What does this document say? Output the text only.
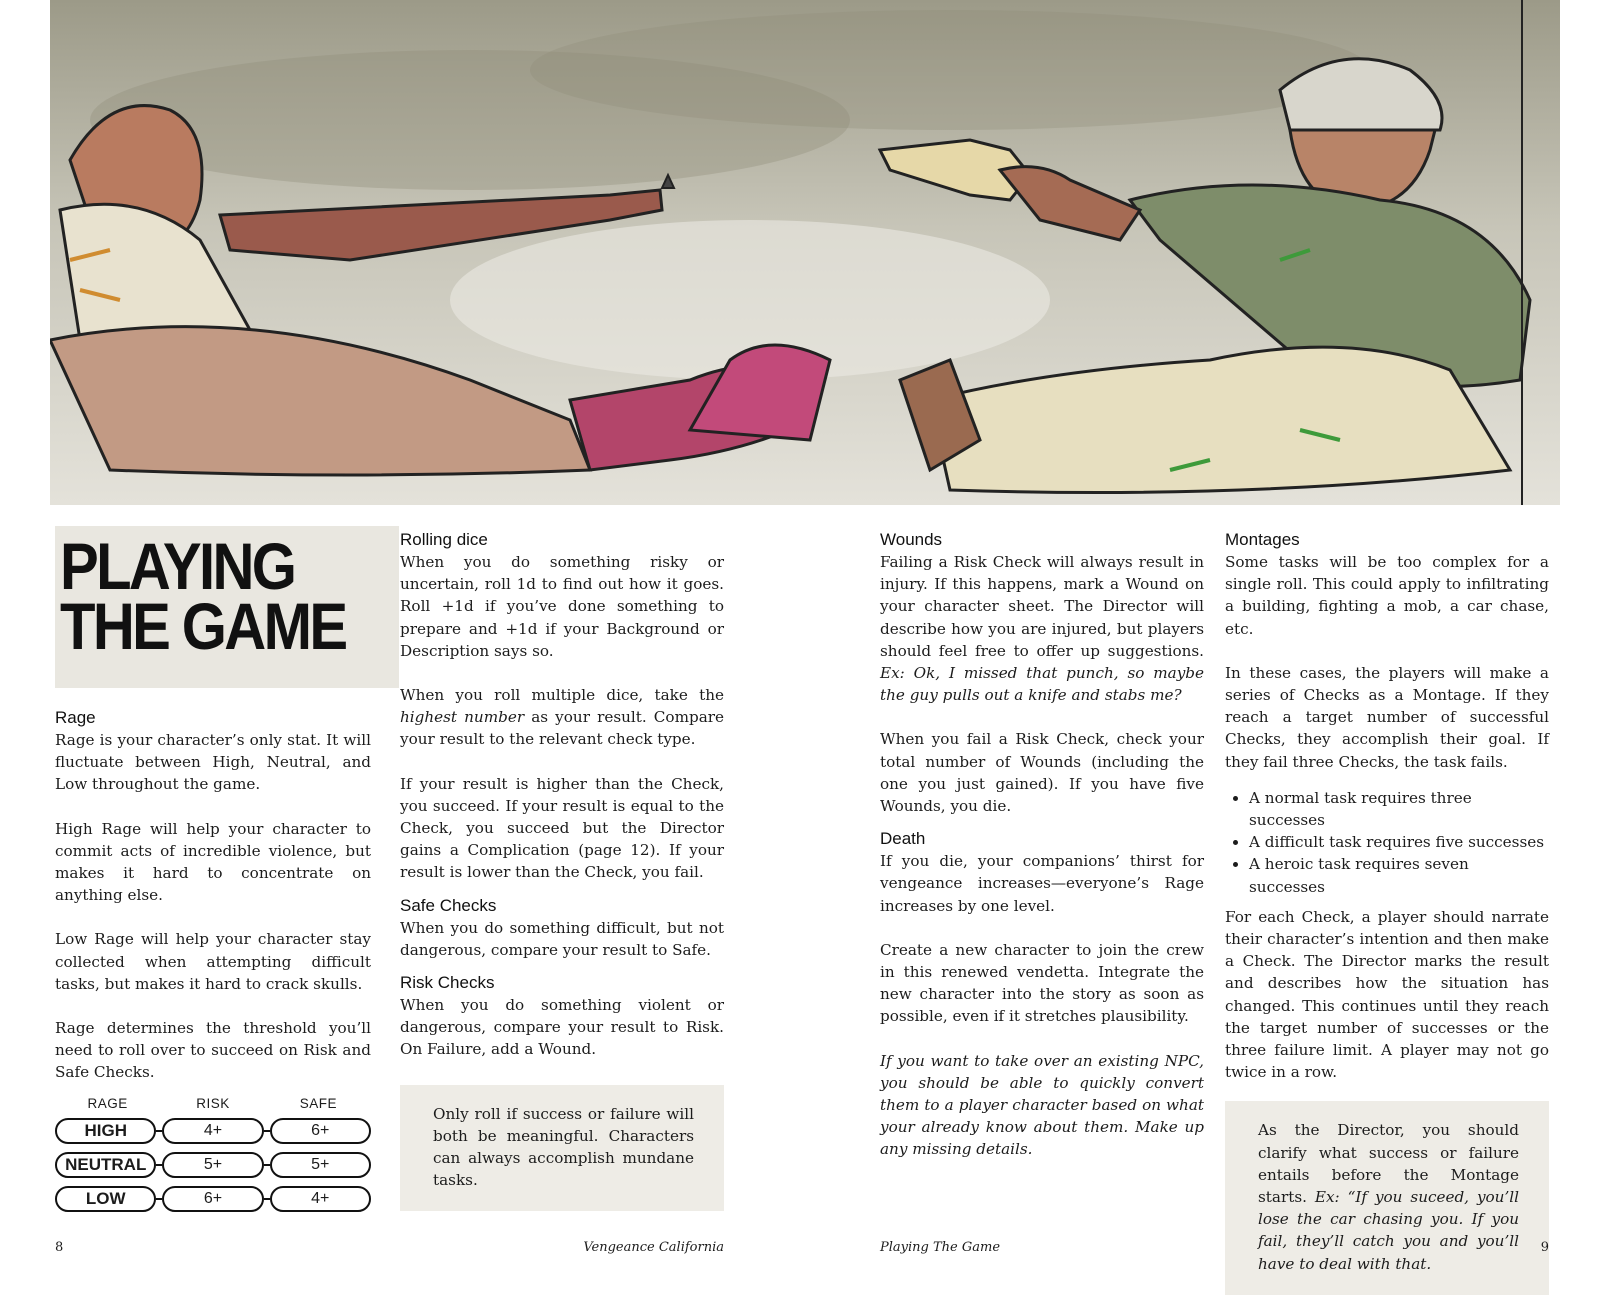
PLAYING
THE GAME
Rage

Rage is your character’s only stat. It will fluctuate between High, Neutral, and Low throughout the game.

High Rage will help your character to commit acts of incredible violence, but makes it hard to concentrate on anything else.

Low Rage will help your character stay collected when attempting difficult tasks, but makes it hard to crack skulls.

Rage determines the threshold you’ll need to roll over to succeed on Risk and Safe Checks.

RAGE	RISK	SAFE
HIGH	4+	6+
NEUTRAL	5+	5+
LOW	6+	4+
Rolling dice

When you do something risky or uncertain, roll 1d to find out how it goes. Roll +1d if you’ve done something to prepare and +1d if your Background or Description says so.

When you roll multiple dice, take the highest number as your result. Compare your result to the relevant check type.

If your result is higher than the Check, you succeed. If your result is equal to the Check, you succeed but the Director gains a Complication (page 12). If your result is lower than the Check, you fail.

Safe Checks

When you do something difficult, but not dangerous, compare your result to Safe.

Risk Checks

When you do something violent or dangerous, compare your result to Risk. On Failure, add a Wound.

Only roll if success or failure will both be meaningful. Characters can always accomplish mundane tasks.

Wounds

Failing a Risk Check will always result in injury. If this happens, mark a Wound on your character sheet. The Director will describe how you are injured, but players should feel free to offer up suggestions. Ex: Ok, I missed that punch, so maybe the guy pulls out a knife and stabs me?

When you fail a Risk Check, check your total number of Wounds (including the one you just gained). If you have five Wounds, you die.

Death

If you die, your companions’ thirst for vengeance increases—everyone’s Rage increases by one level.

Create a new character to join the crew in this renewed vendetta. Integrate the new character into the story as soon as possible, even if it stretches plausibility.

If you want to take over an existing NPC, you should be able to quickly convert them to a player character based on what your already know about them. Make up any missing details.

Montages

Some tasks will be too complex for a single roll. This could apply to infiltrating a building, fighting a mob, a car chase, etc.

In these cases, the players will make a series of Checks as a Montage. If they reach a target number of successful Checks, they accomplish their goal. If they fail three Checks, the task fails.

• A normal task requires three successes
• A difficult task requires five successes
• A heroic task requires seven successes

For each Check, a player should narrate their character’s intention and then make a Check. The Director marks the result and describes how the situation has changed. This continues until they reach the target number of successes or the three failure limit. A player may not go twice in a row.

As the Director, you should clarify what success or failure entails before the Montage starts. Ex: “If you suceed, you’ll lose the car chasing you. If you fail, they’ll catch you and you’ll have to deal with that.

8	Vengeance California	Playing The Game	9
